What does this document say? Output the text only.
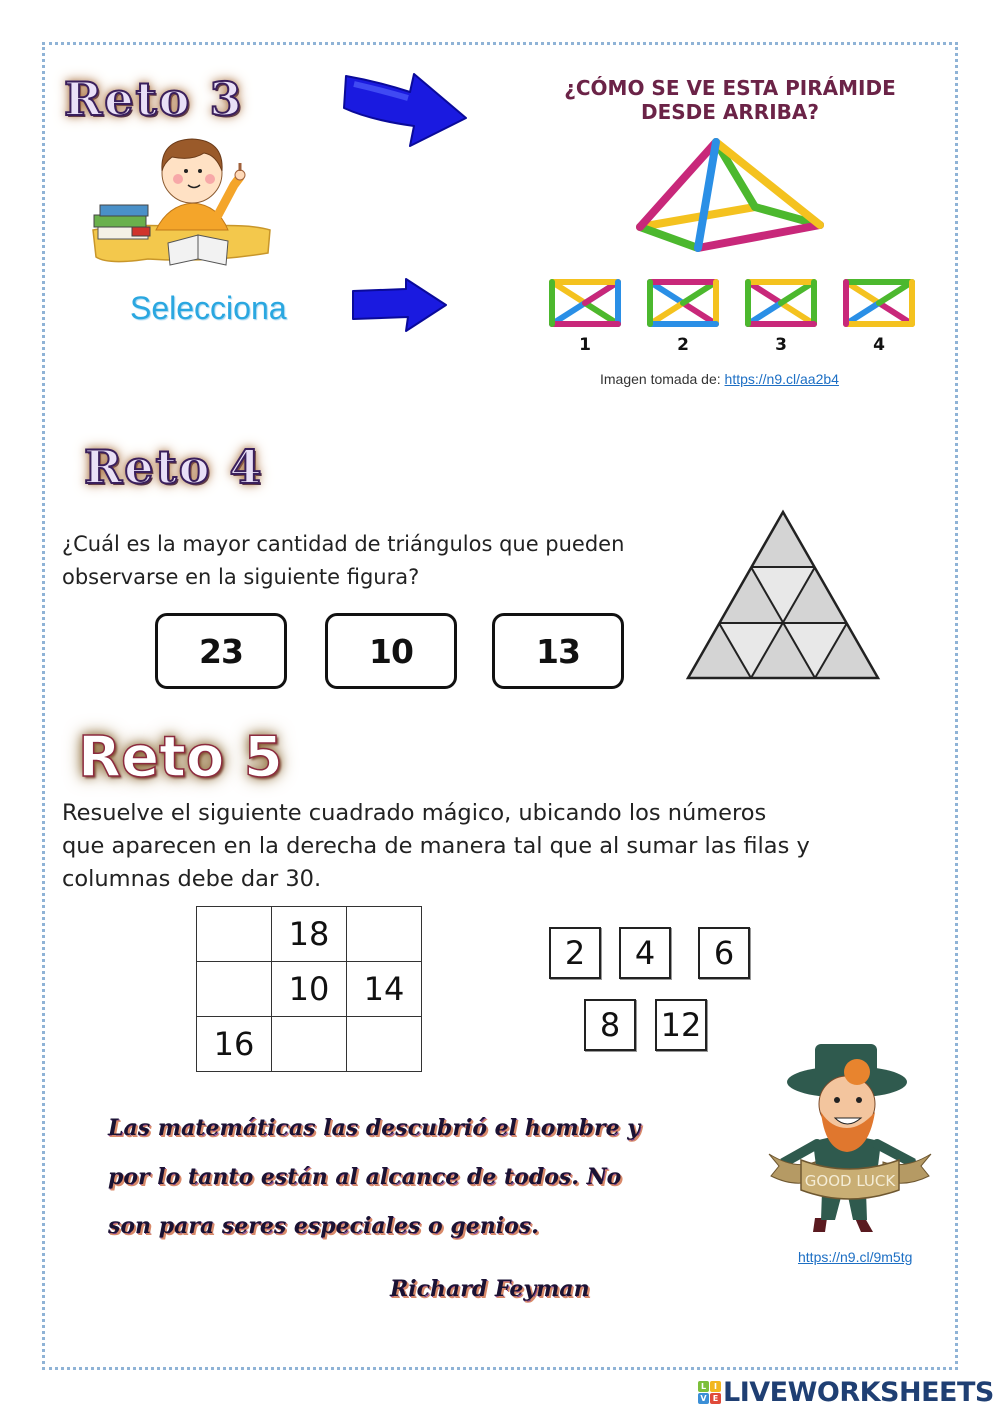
Reto 3
Selecciona
¿CÓMO SE VE ESTA PIRÁMIDE
DESDE ARRIBA?
1	2	3	4
Imagen tomada de: https://n9.cl/aa2b4
Reto 4
¿Cuál es la mayor cantidad de triángulos que pueden
observarse en la siguiente figura?
23	10	13
Reto 5
Resuelve el siguiente cuadrado mágico, ubicando los números
que aparecen en la derecha de manera tal que al sumar las filas y
columnas debe dar 30.
	18	
	10	14
16		
2	4	6
8	12
Las matemáticas las descubrió el hombre y
por lo tanto están al alcance de todos. No
son para seres especiales o genios.
Richard Feyman
GOOD LUCK
https://n9.cl/9m5tg
L I
V E LIVEWORKSHEETS
